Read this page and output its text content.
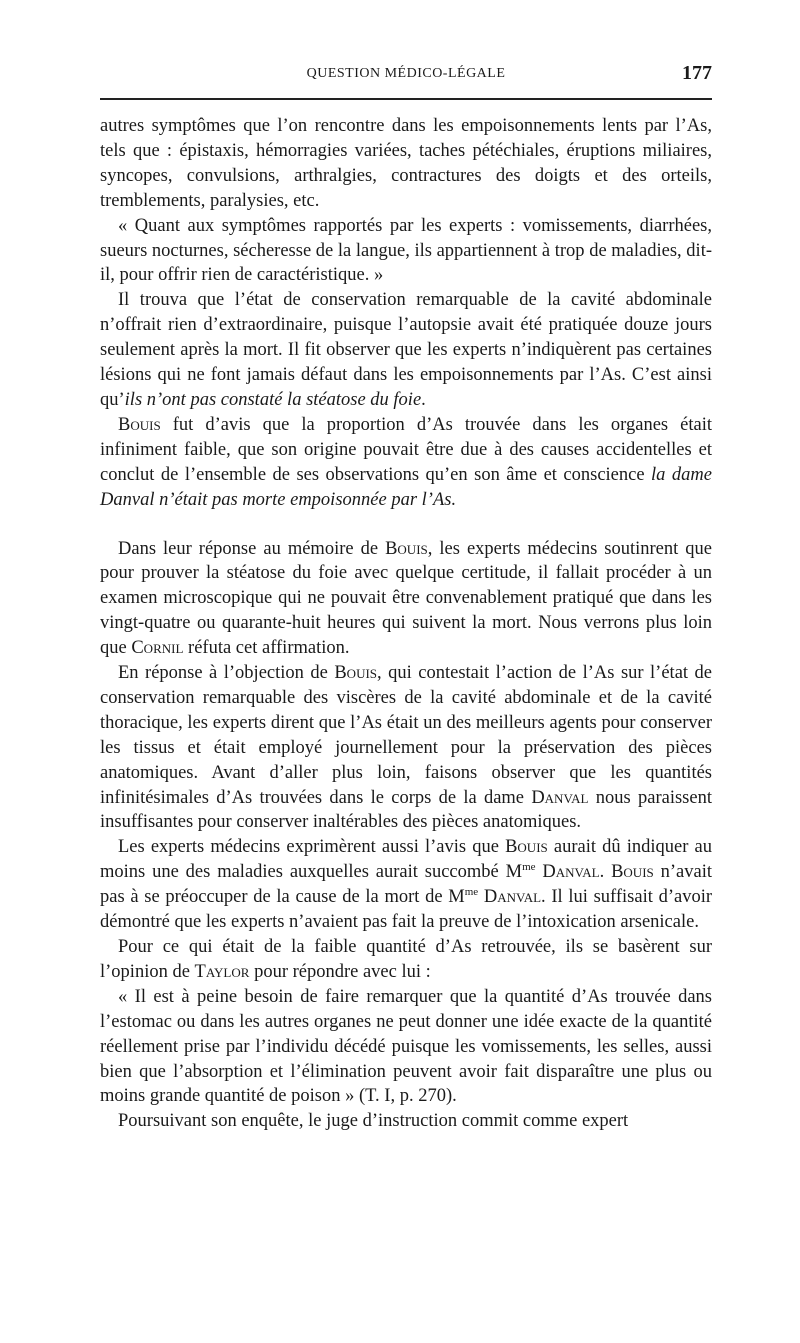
QUESTION MÉDICO-LÉGALE	177

autres symptômes que l’on rencontre dans les empoisonnements lents par l’As, tels que : épistaxis, hémorragies variées, taches pétéchiales, éruptions miliaires, syncopes, convulsions, arthralgies, contractures des doigts et des orteils, tremblements, paralysies, etc.

« Quant aux symptômes rapportés par les experts : vomissements, diarrhées, sueurs nocturnes, sécheresse de la langue, ils appartiennent à trop de maladies, dit-il, pour offrir rien de caractéristique. »

Il trouva que l’état de conservation remarquable de la cavité abdominale n’offrait rien d’extraordinaire, puisque l’autopsie avait été pratiquée douze jours seulement après la mort. Il fit observer que les experts n’indiquèrent pas certaines lésions qui ne font jamais défaut dans les empoisonnements par l’As. C’est ainsi qu’ils n’ont pas constaté la stéatose du foie.

Bouis fut d’avis que la proportion d’As trouvée dans les organes était infiniment faible, que son origine pouvait être due à des causes accidentelles et conclut de l’ensemble de ses observations qu’en son âme et conscience la dame Danval n’était pas morte empoisonnée par l’As.

Dans leur réponse au mémoire de Bouis, les experts médecins soutinrent que pour prouver la stéatose du foie avec quelque certitude, il fallait procéder à un examen microscopique qui ne pouvait être convenablement pratiqué que dans les vingt-quatre ou quarante-huit heures qui suivent la mort. Nous verrons plus loin que Cornil réfuta cet affirmation.

En réponse à l’objection de Bouis, qui contestait l’action de l’As sur l’état de conservation remarquable des viscères de la cavité abdominale et de la cavité thoracique, les experts dirent que l’As était un des meilleurs agents pour conserver les tissus et était employé journellement pour la préservation des pièces anatomiques. Avant d’aller plus loin, faisons observer que les quantités infinitésimales d’As trouvées dans le corps de la dame Danval nous paraissent insuffisantes pour conserver inaltérables des pièces anatomiques.

Les experts médecins exprimèrent aussi l’avis que Bouis aurait dû indiquer au moins une des maladies auxquelles aurait succombé $M^{me}$ Danval. Bouis n’avait pas à se préoccuper de la cause de la mort de $M^{me}$ Danval. Il lui suffisait d’avoir démontré que les experts n’avaient pas fait la preuve de l’intoxication arsenicale.

Pour ce qui était de la faible quantité d’As retrouvée, ils se basèrent sur l’opinion de Taylor pour répondre avec lui :

« Il est à peine besoin de faire remarquer que la quantité d’As trouvée dans l’estomac ou dans les autres organes ne peut donner une idée exacte de la quantité réellement prise par l’individu décédé puisque les vomissements, les selles, aussi bien que l’absorption et l’élimination peuvent avoir fait disparaître une plus ou moins grande quantité de poison » (T. I, p. 270).

Poursuivant son enquête, le juge d’instruction commit comme expert
